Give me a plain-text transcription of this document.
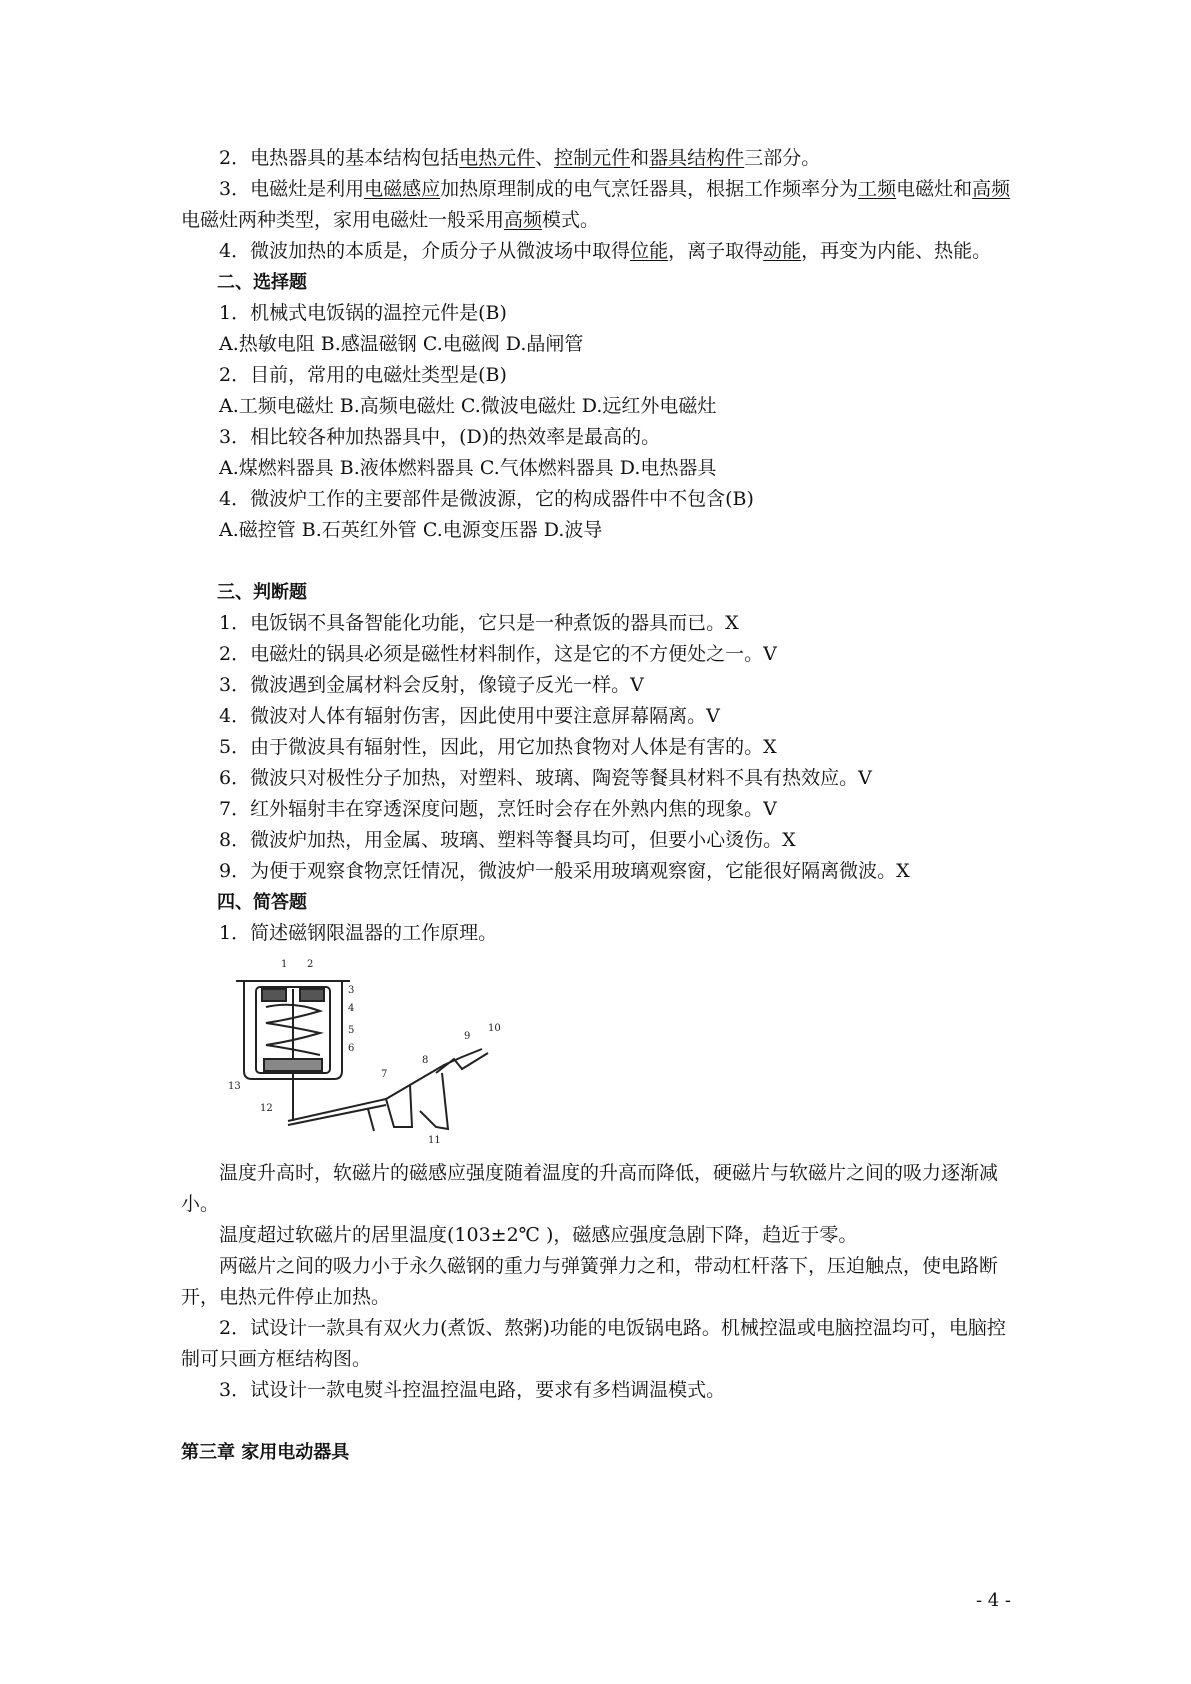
2．电热器具的基本结构包括电热元件、控制元件和器具结构件三部分。

3．电磁灶是利用电磁感应加热原理制成的电气烹饪器具，根据工作频率分为工频电磁灶和高频电磁灶两种类型，家用电磁灶一般采用高频模式。

4．微波加热的本质是，介质分子从微波场中取得位能，离子取得动能，再变为内能、热能。

二、选择题

1．机械式电饭锅的温控元件是(B)

A.热敏电阻 B.感温磁钢 C.电磁阀 D.晶闸管

2．目前，常用的电磁灶类型是(B)

A.工频电磁灶 B.高频电磁灶 C.微波电磁灶 D.远红外电磁灶

3．相比较各种加热器具中，(D)的热效率是最高的。

A.煤燃料器具 B.液体燃料器具 C.气体燃料器具 D.电热器具

4．微波炉工作的主要部件是微波源，它的构成器件中不包含(B)

A.磁控管 B.石英红外管 C.电源变压器 D.波导

三、判断题

1．电饭锅不具备智能化功能，它只是一种煮饭的器具而已。X

2．电磁灶的锅具必须是磁性材料制作，这是它的不方便处之一。V

3．微波遇到金属材料会反射，像镜子反光一样。V

4．微波对人体有辐射伤害，因此使用中要注意屏幕隔离。V

5．由于微波具有辐射性，因此，用它加热食物对人体是有害的。X

6．微波只对极性分子加热，对塑料、玻璃、陶瓷等餐具材料不具有热效应。V

7．红外辐射丰在穿透深度问题，烹饪时会存在外熟内焦的现象。V

8．微波炉加热，用金属、玻璃、塑料等餐具均可，但要小心烫伤。X

9．为便于观察食物烹饪情况，微波炉一般采用玻璃观察窗，它能很好隔离微波。X

四、简答题

1．简述磁钢限温器的工作原理。

1 2
3
4
5
6
7
8
9
10
11
12
13

温度升高时，软磁片的磁感应强度随着温度的升高而降低，硬磁片与软磁片之间的吸力逐渐减小。

温度超过软磁片的居里温度(103±2℃ )，磁感应强度急剧下降，趋近于零。

两磁片之间的吸力小于永久磁钢的重力与弹簧弹力之和，带动杠杆落下，压迫触点，使电路断开，电热元件停止加热。

2．试设计一款具有双火力(煮饭、熬粥)功能的电饭锅电路。机械控温或电脑控温均可，电脑控制可只画方框结构图。

3．试设计一款电熨斗控温控温电路，要求有多档调温模式。

第三章 家用电动器具

- 4 -
